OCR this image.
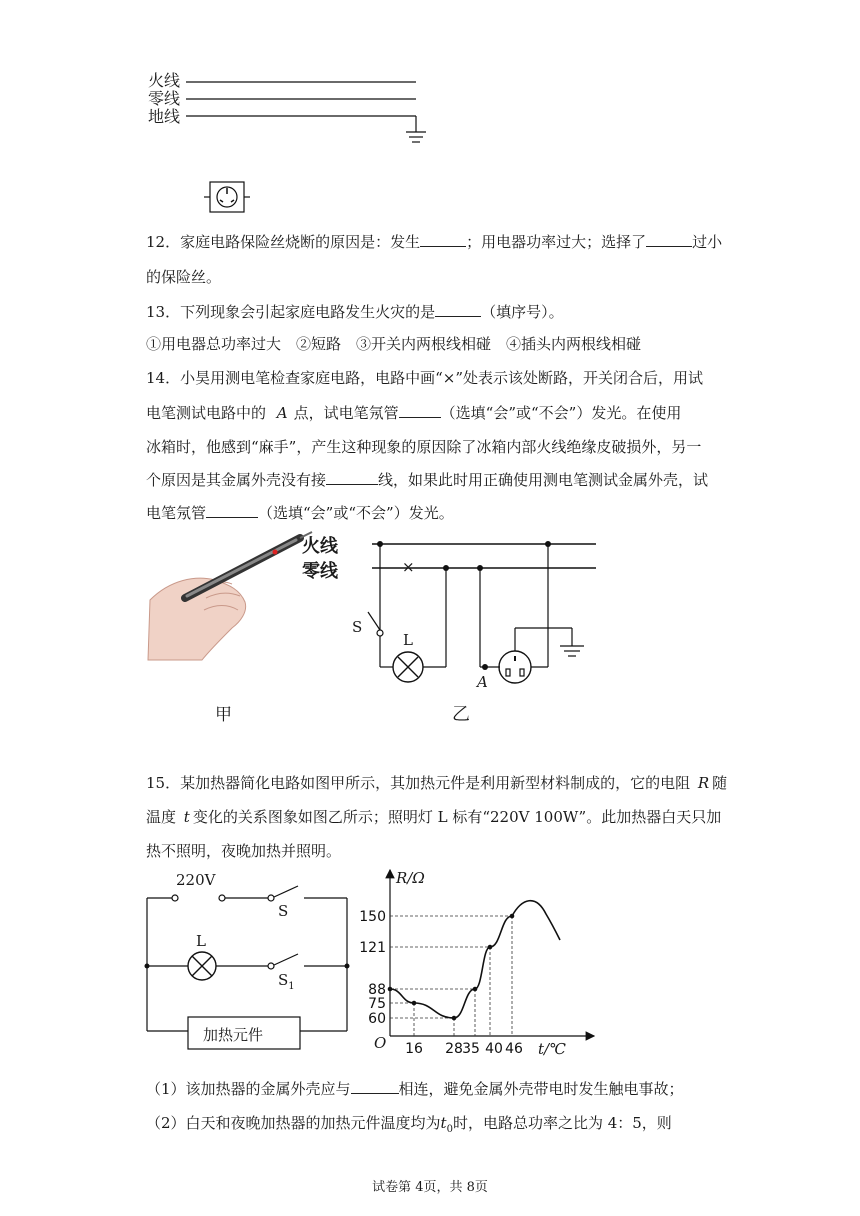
火线
零线
地线
12．家庭电路保险丝烧断的原因是：发生	；用电器功率过大；选择了	过小
的保险丝。
13．下列现象会引起家庭电路发生火灾的是	（填序号）。
①用电器总功率过大　②短路　③开关内两根线相碰　④插头内两根线相碰
14．小昊用测电笔检查家庭电路，电路中画“×”处表示该处断路，开关闭合后，用试
电笔测试电路中的 A 点，试电笔氖管	（选填“会”或“不会”）发光。在使用
冰箱时，他感到“麻手”，产生这种现象的原因除了冰箱内部火线绝缘皮破损外，另一
个原因是其金属外壳没有接	线，如果此时用正确使用测电笔测试金属外壳，试
电笔氖管	（选填“会”或“不会”）发光。
火线
零线	×
S
L
A
甲	乙
15．某加热器简化电路如图甲所示，其加热元件是利用新型材料制成的，它的电阻 R 随
温度 t 变化的关系图象如图乙所示；照明灯 L 标有“220V 100W”。此加热器白天只加
热不照明，夜晚加热并照明。
220V
S
L
$S_1$
加热元件
60
75
88
121
150
16 28 35 40 46
R/Ω
t/℃
O
（1）该加热器的金属外壳应与	相连，避免金属外壳带电时发生触电事故；
（2）白天和夜晚加热器的加热元件温度均为$t_0$时，电路总功率之比为 4：5，则
试卷第 4页，共 8页
